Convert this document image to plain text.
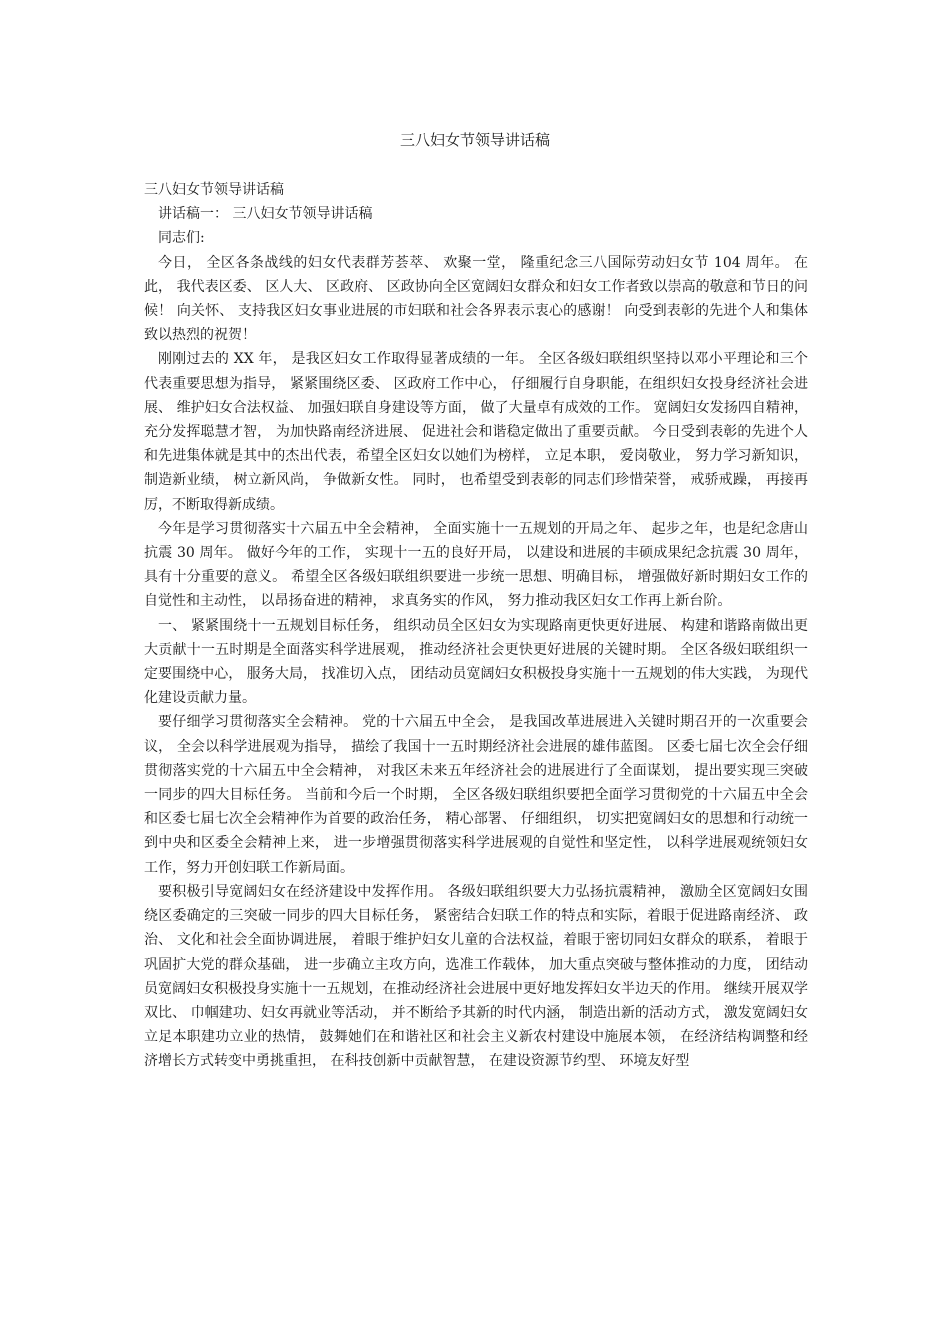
三八妇女节领导讲话稿

三八妇女节领导讲话稿

讲话稿一： 三八妇女节领导讲话稿

同志们:

今日， 全区各条战线的妇女代表群芳荟萃、 欢聚一堂， 隆重纪念三八国际劳动妇女节 104 周年。 在此， 我代表区委、 区人大、 区政府、 区政协向全区宽阔妇女群众和妇女工作者致以崇高的敬意和节日的问候！ 向关怀、 支持我区妇女事业进展的市妇联和社会各界表示衷心的感谢！ 向受到表彰的先进个人和集体致以热烈的祝贺！

刚刚过去的 XX 年， 是我区妇女工作取得显著成绩的一年。 全区各级妇联组织坚持以邓小平理论和三个代表重要思想为指导， 紧紧围绕区委、 区政府工作中心， 仔细履行自身职能，在组织妇女投身经济社会进展、 维护妇女合法权益、 加强妇联自身建设等方面， 做了大量卓有成效的工作。 宽阔妇女发扬四自精神， 充分发挥聪慧才智， 为加快路南经济进展、 促进社会和谐稳定做出了重要贡献。 今日受到表彰的先进个人和先进集体就是其中的杰出代表，希望全区妇女以她们为榜样， 立足本职， 爱岗敬业， 努力学习新知识， 制造新业绩， 树立新风尚， 争做新女性。 同时， 也希望受到表彰的同志们珍惜荣誉， 戒骄戒躁， 再接再厉，不断取得新成绩。

今年是学习贯彻落实十六届五中全会精神， 全面实施十一五规划的开局之年、 起步之年，也是纪念唐山抗震 30 周年。 做好今年的工作， 实现十一五的良好开局， 以建设和进展的丰硕成果纪念抗震 30 周年， 具有十分重要的意义。 希望全区各级妇联组织要进一步统一思想、明确目标， 增强做好新时期妇女工作的自觉性和主动性， 以昂扬奋进的精神， 求真务实的作风， 努力推动我区妇女工作再上新台阶。

一、 紧紧围绕十一五规划目标任务， 组织动员全区妇女为实现路南更快更好进展、 构建和谐路南做出更大贡献十一五时期是全面落实科学进展观， 推动经济社会更快更好进展的关键时期。 全区各级妇联组织一定要围绕中心， 服务大局， 找准切入点， 团结动员宽阔妇女积极投身实施十一五规划的伟大实践， 为现代化建设贡献力量。

要仔细学习贯彻落实全会精神。 党的十六届五中全会， 是我国改革进展进入关键时期召开的一次重要会议， 全会以科学进展观为指导， 描绘了我国十一五时期经济社会进展的雄伟蓝图。 区委七届七次全会仔细贯彻落实党的十六届五中全会精神， 对我区未来五年经济社会的进展进行了全面谋划， 提出要实现三突破一同步的四大目标任务。 当前和今后一个时期， 全区各级妇联组织要把全面学习贯彻党的十六届五中全会和区委七届七次全会精神作为首要的政治任务， 精心部署、 仔细组织， 切实把宽阔妇女的思想和行动统一到中央和区委全会精神上来， 进一步增强贯彻落实科学进展观的自觉性和坚定性， 以科学进展观统领妇女工作，努力开创妇联工作新局面。

要积极引导宽阔妇女在经济建设中发挥作用。 各级妇联组织要大力弘扬抗震精神， 激励全区宽阔妇女围绕区委确定的三突破一同步的四大目标任务， 紧密结合妇联工作的特点和实际，着眼于促进路南经济、 政治、 文化和社会全面协调进展， 着眼于维护妇女儿童的合法权益，着眼于密切同妇女群众的联系， 着眼于巩固扩大党的群众基础， 进一步确立主攻方向，选准工作载体， 加大重点突破与整体推动的力度， 团结动员宽阔妇女积极投身实施十一五规划，在推动经济社会进展中更好地发挥妇女半边天的作用。 继续开展双学双比、 巾帼建功、妇女再就业等活动， 并不断给予其新的时代内涵， 制造出新的活动方式， 激发宽阔妇女立足本职建功立业的热情， 鼓舞她们在和谐社区和社会主义新农村建设中施展本领， 在经济结构调整和经济增长方式转变中勇挑重担， 在科技创新中贡献智慧， 在建设资源节约型、 环境友好型
